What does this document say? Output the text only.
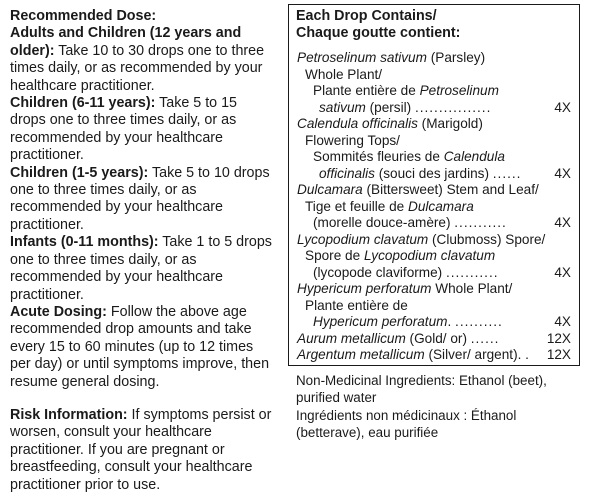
Recommended Dose:

Adults and Children (12 years and older): Take 10 to 30 drops one to three times daily, or as recommended by your healthcare practitioner.

Children (6-11 years): Take 5 to 15 drops one to three times daily, or as recommended by your healthcare practitioner.

Children (1-5 years): Take 5 to 10 drops one to three times daily, or as recommended by your healthcare practitioner.

Infants (0-11 months): Take 1 to 5 drops one to three times daily, or as recommended by your healthcare practitioner.

Acute Dosing: Follow the above age recommended drop amounts and take every 15 to 60 minutes (up to 12 times per day) or until symptoms improve, then resume general dosing.

Risk Information: If symptoms persist or worsen, consult your healthcare practitioner. If you are pregnant or breastfeeding, consult your healthcare practitioner prior to use.

Each Drop Contains/
Chaque goutte contient:
Petroselinum sativum (Parsley)
Whole Plant/
Plante entière de Petroselinum
sativum (persil) ................	4X
Calendula officinalis (Marigold)
Flowering Tops/
Sommités fleuries de Calendula
officinalis (souci des jardins) ...... 4X
Dulcamara (Bittersweet) Stem and Leaf/
Tige et feuille de Dulcamara
(morelle douce-amère) ...........	4X
Lycopodium clavatum (Clubmoss) Spore/
Spore de Lycopodium clavatum
(lycopode claviforme) ...........	4X
Hypericum perforatum Whole Plant/
Plante entière de
Hypericum perforatum. ..........	4X
Aurum metallicum (Gold/ or) ......	12X
Argentum metallicum (Silver/ argent). . 12X

Non-Medicinal Ingredients: Ethanol (beet), purified water

Ingrédients non médicinaux : Éthanol (betterave), eau purifiée
